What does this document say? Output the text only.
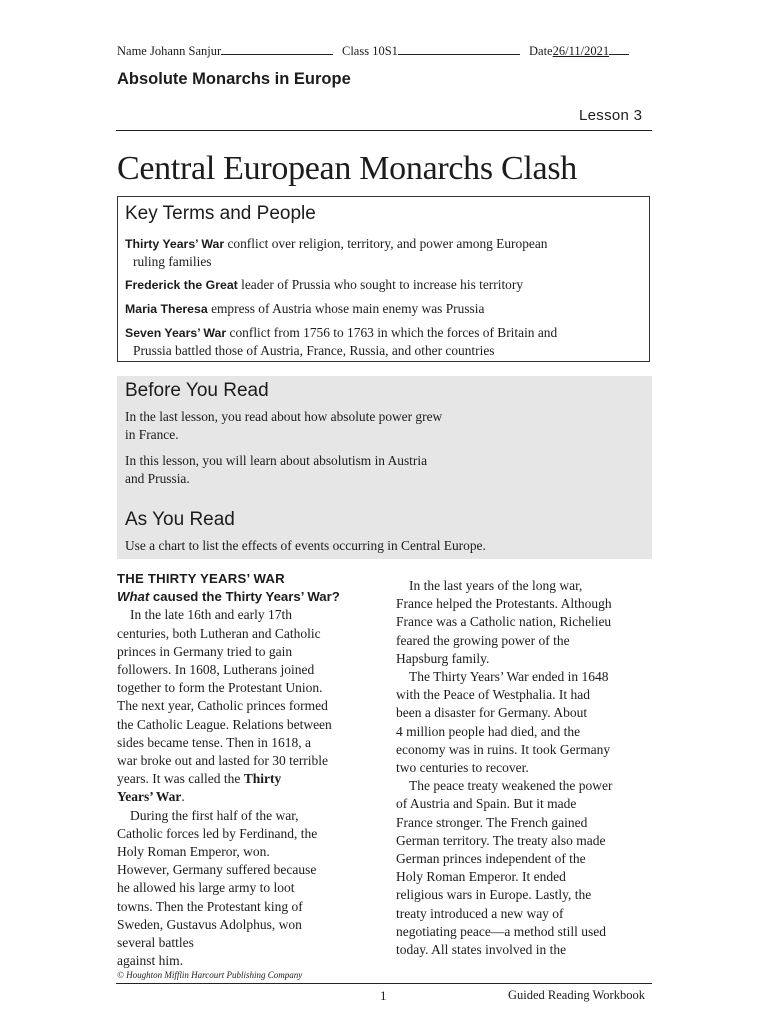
Name Johann Sanjur	Class 10S1	Date26/11/2021
Absolute Monarchs in Europe
Lesson 3
Central European Monarchs Clash
Key Terms and People
Thirty Years’ War conflict over religion, territory, and power among European
ruling families
Frederick the Great leader of Prussia who sought to increase his territory
Maria Theresa empress of Austria whose main enemy was Prussia
Seven Years’ War conflict from 1756 to 1763 in which the forces of Britain and
Prussia battled those of Austria, France, Russia, and other countries
Before You Read

In the last lesson, you read about how absolute power grew
in France.

In this lesson, you will learn about absolutism in Austria
and Prussia.

As You Read

Use a chart to list the effects of events occurring in Central Europe.

THE THIRTY YEARS’ WAR
What caused the Thirty Years’ War?

In the late 16th and early 17th

centuries, both Lutheran and Catholic
princes in Germany tried to gain
followers. In 1608, Lutherans joined
together to form the Protestant Union.
The next year, Catholic princes formed
the Catholic League. Relations between
sides became tense. Then in 1618, a
war broke out and lasted for 30 terrible
years. It was called the Thirty
Years’ War.

During the first half of the war,

Catholic forces led by Ferdinand, the
Holy Roman Emperor, won.
However, Germany suffered because
he allowed his large army to loot
towns. Then the Protestant king of
Sweden, Gustavus Adolphus, won
several battles
against him.

In the last years of the long war,

France helped the Protestants. Although
France was a Catholic nation, Richelieu
feared the growing power of the
Hapsburg family.

The Thirty Years’ War ended in 1648

with the Peace of Westphalia. It had
been a disaster for Germany. About
4 million people had died, and the
economy was in ruins. It took Germany
two centuries to recover.

The peace treaty weakened the power

of Austria and Spain. But it made
France stronger. The French gained
German territory. The treaty also made
German princes independent of the
Holy Roman Emperor. It ended
religious wars in Europe. Lastly, the
treaty introduced a new way of
negotiating peace—a method still used
today. All states involved in the

© Houghton Mifflin Harcourt Publishing Company
1	Guided Reading Workbook
